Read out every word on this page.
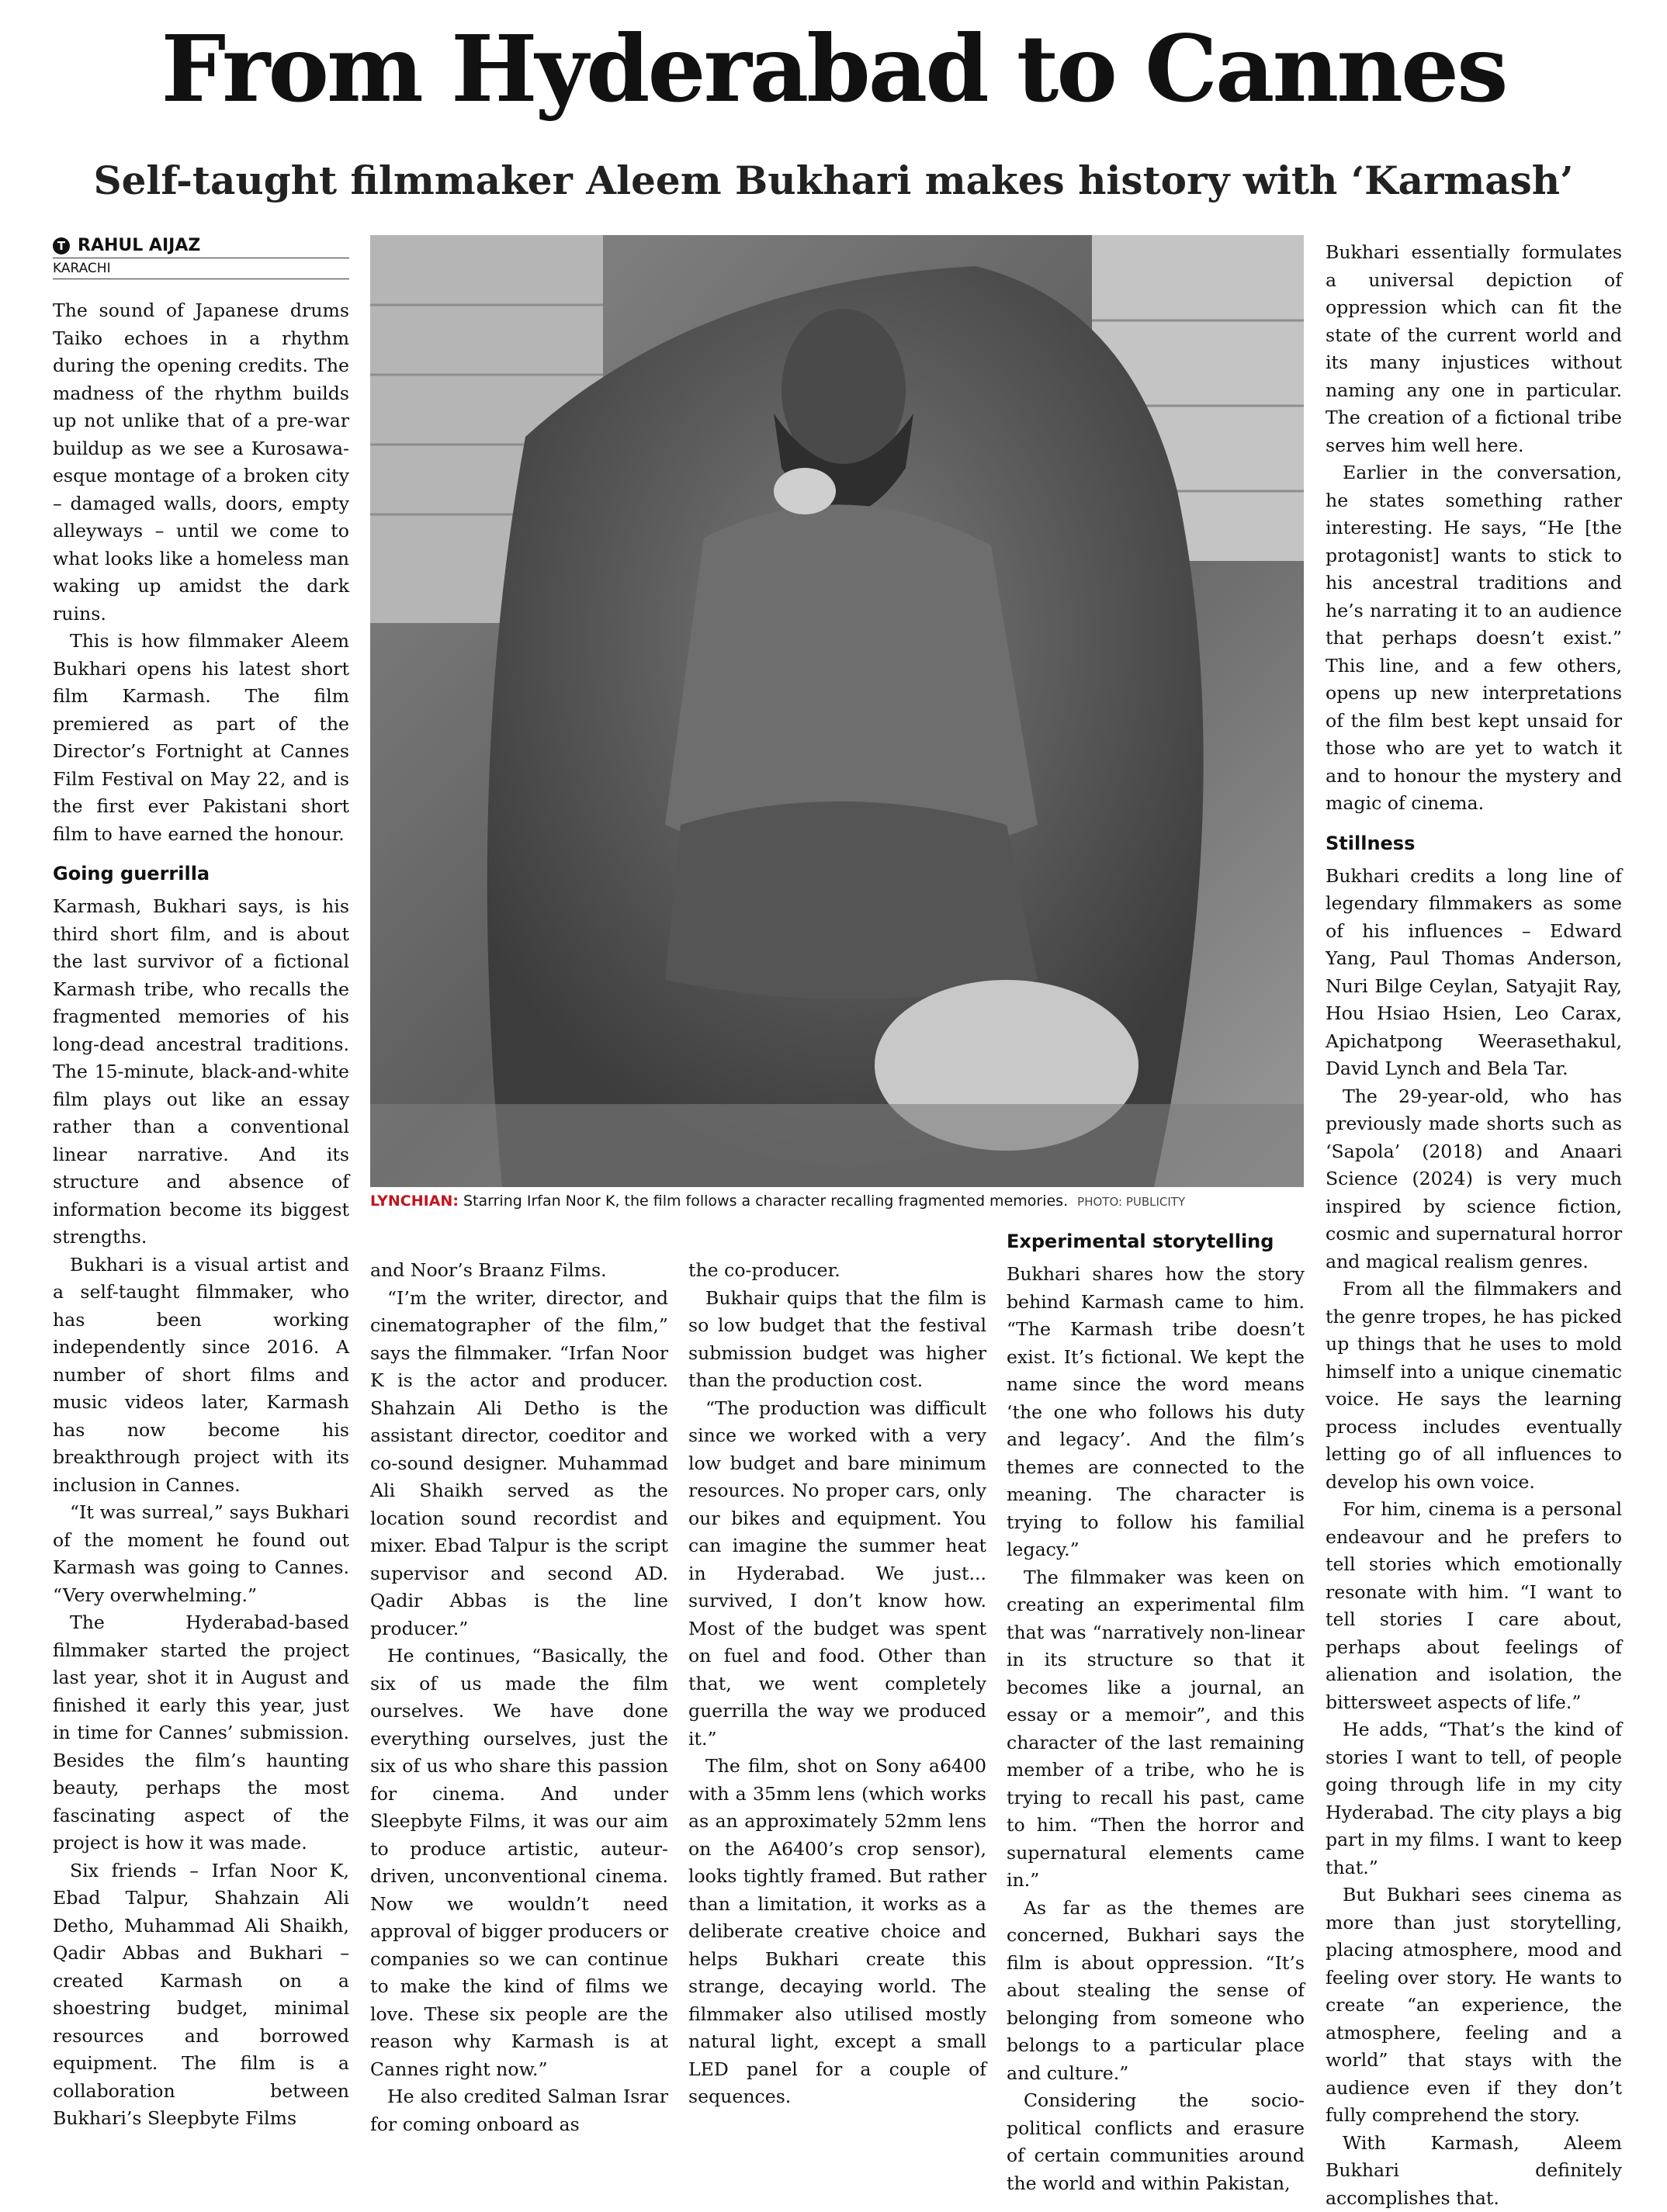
From Hyderabad to Cannes
Self-taught filmmaker Aleem Bukhari makes history with ‘Karmash’
T RAHUL AIJAZ
KARACHI

The sound of Japanese drums Taiko echoes in a rhythm during the opening credits. The madness of the rhythm builds up not unlike that of a pre-war buildup as we see a Kurosawa-esque montage of a broken city – damaged walls, doors, empty alleyways – until we come to what looks like a homeless man waking up amidst the dark ruins.

This is how filmmaker Aleem Bukhari opens his latest short film Karmash. The film premiered as part of the Director’s Fortnight at Cannes Film Festival on May 22, and is the first ever Pakistani short film to have earned the honour.

Going guerrilla

Karmash, Bukhari says, is his third short film, and is about the last survivor of a fictional Karmash tribe, who recalls the fragmented memories of his long-dead ancestral traditions. The 15-minute, black-and-white film plays out like an essay rather than a conventional linear narrative. And its structure and absence of information become its biggest strengths.

Bukhari is a visual artist and a self-taught filmmaker, who has been working independently since 2016. A number of short films and music videos later, Karmash has now become his breakthrough project with its inclusion in Cannes.

“It was surreal,” says Bukhari of the moment he found out Karmash was going to Cannes. “Very overwhelming.”

The Hyderabad-based filmmaker started the project last year, shot it in August and finished it early this year, just in time for Cannes’ submission. Besides the film’s haunting beauty, perhaps the most fascinating aspect of the project is how it was made.

Six friends – Irfan Noor K, Ebad Talpur, Shahzain Ali Detho, Muhammad Ali Shaikh, Qadir Abbas and Bukhari – created Karmash on a shoestring budget, minimal resources and borrowed equipment. The film is a collaboration between Bukhari’s Sleepbyte Films

LYNCHIAN: Starring Irfan Noor K, the film follows a character recalling fragmented memories. PHOTO: PUBLICITY

and Noor’s Braanz Films.

“I’m the writer, director, and cinematographer of the film,” says the filmmaker. “Irfan Noor K is the actor and producer. Shahzain Ali Detho is the assistant director, coeditor and co-sound designer. Muhammad Ali Shaikh served as the location sound recordist and mixer. Ebad Talpur is the script supervisor and second AD. Qadir Abbas is the line producer.”

He continues, “Basically, the six of us made the film ourselves. We have done everything ourselves, just the six of us who share this passion for cinema. And under Sleepbyte Films, it was our aim to produce artistic, auteur-driven, unconventional cinema. Now we wouldn’t need approval of bigger producers or companies so we can continue to make the kind of films we love. These six people are the reason why Karmash is at Cannes right now.”

He also credited Salman Israr for coming onboard as

the co-producer.

Bukhair quips that the film is so low budget that the festival submission budget was higher than the production cost.

“The production was difficult since we worked with a very low budget and bare minimum resources. No proper cars, only our bikes and equipment. You can imagine the summer heat in Hyderabad. We just... survived, I don’t know how. Most of the budget was spent on fuel and food. Other than that, we went completely guerrilla the way we produced it.”

The film, shot on Sony a6400 with a 35mm lens (which works as an approximately 52mm lens on the A6400’s crop sensor), looks tightly framed. But rather than a limitation, it works as a deliberate creative choice and helps Bukhari create this strange, decaying world. The filmmaker also utilised mostly natural light, except a small LED panel for a couple of sequences.

Experimental storytelling

Bukhari shares how the story behind Karmash came to him. “The Karmash tribe doesn’t exist. It’s fictional. We kept the name since the word means ‘the one who follows his duty and legacy’. And the film’s themes are connected to the meaning. The character is trying to follow his familial legacy.”

The filmmaker was keen on creating an experimental film that was “narratively non-linear in its structure so that it becomes like a journal, an essay or a memoir”, and this character of the last remaining member of a tribe, who he is trying to recall his past, came to him. “Then the horror and supernatural elements came in.”

As far as the themes are concerned, Bukhari says the film is about oppression. “It’s about stealing the sense of belonging from someone who belongs to a particular place and culture.”

Considering the socio-political conflicts and erasure of certain communities around the world and within Pakistan,

Bukhari essentially formulates a universal depiction of oppression which can fit the state of the current world and its many injustices without naming any one in particular. The creation of a fictional tribe serves him well here.

Earlier in the conversation, he states something rather interesting. He says, “He [the protagonist] wants to stick to his ancestral traditions and he’s narrating it to an audience that perhaps doesn’t exist.” This line, and a few others, opens up new interpretations of the film best kept unsaid for those who are yet to watch it and to honour the mystery and magic of cinema.

Stillness

Bukhari credits a long line of legendary filmmakers as some of his influences – Edward Yang, Paul Thomas Anderson, Nuri Bilge Ceylan, Satyajit Ray, Hou Hsiao Hsien, Leo Carax, Apichatpong Weerasethakul, David Lynch and Bela Tar.

The 29-year-old, who has previously made shorts such as ‘Sapola’ (2018) and Anaari Science (2024) is very much inspired by science fiction, cosmic and supernatural horror and magical realism genres.

From all the filmmakers and the genre tropes, he has picked up things that he uses to mold himself into a unique cinematic voice. He says the learning process includes eventually letting go of all influences to develop his own voice.

For him, cinema is a personal endeavour and he prefers to tell stories which emotionally resonate with him. “I want to tell stories I care about, perhaps about feelings of alienation and isolation, the bittersweet aspects of life.”

He adds, “That’s the kind of stories I want to tell, of people going through life in my city Hyderabad. The city plays a big part in my films. I want to keep that.”

But Bukhari sees cinema as more than just storytelling, placing atmosphere, mood and feeling over story. He wants to create “an experience, the atmosphere, feeling and a world” that stays with the audience even if they don’t fully comprehend the story.

With Karmash, Aleem Bukhari definitely accomplishes that.
